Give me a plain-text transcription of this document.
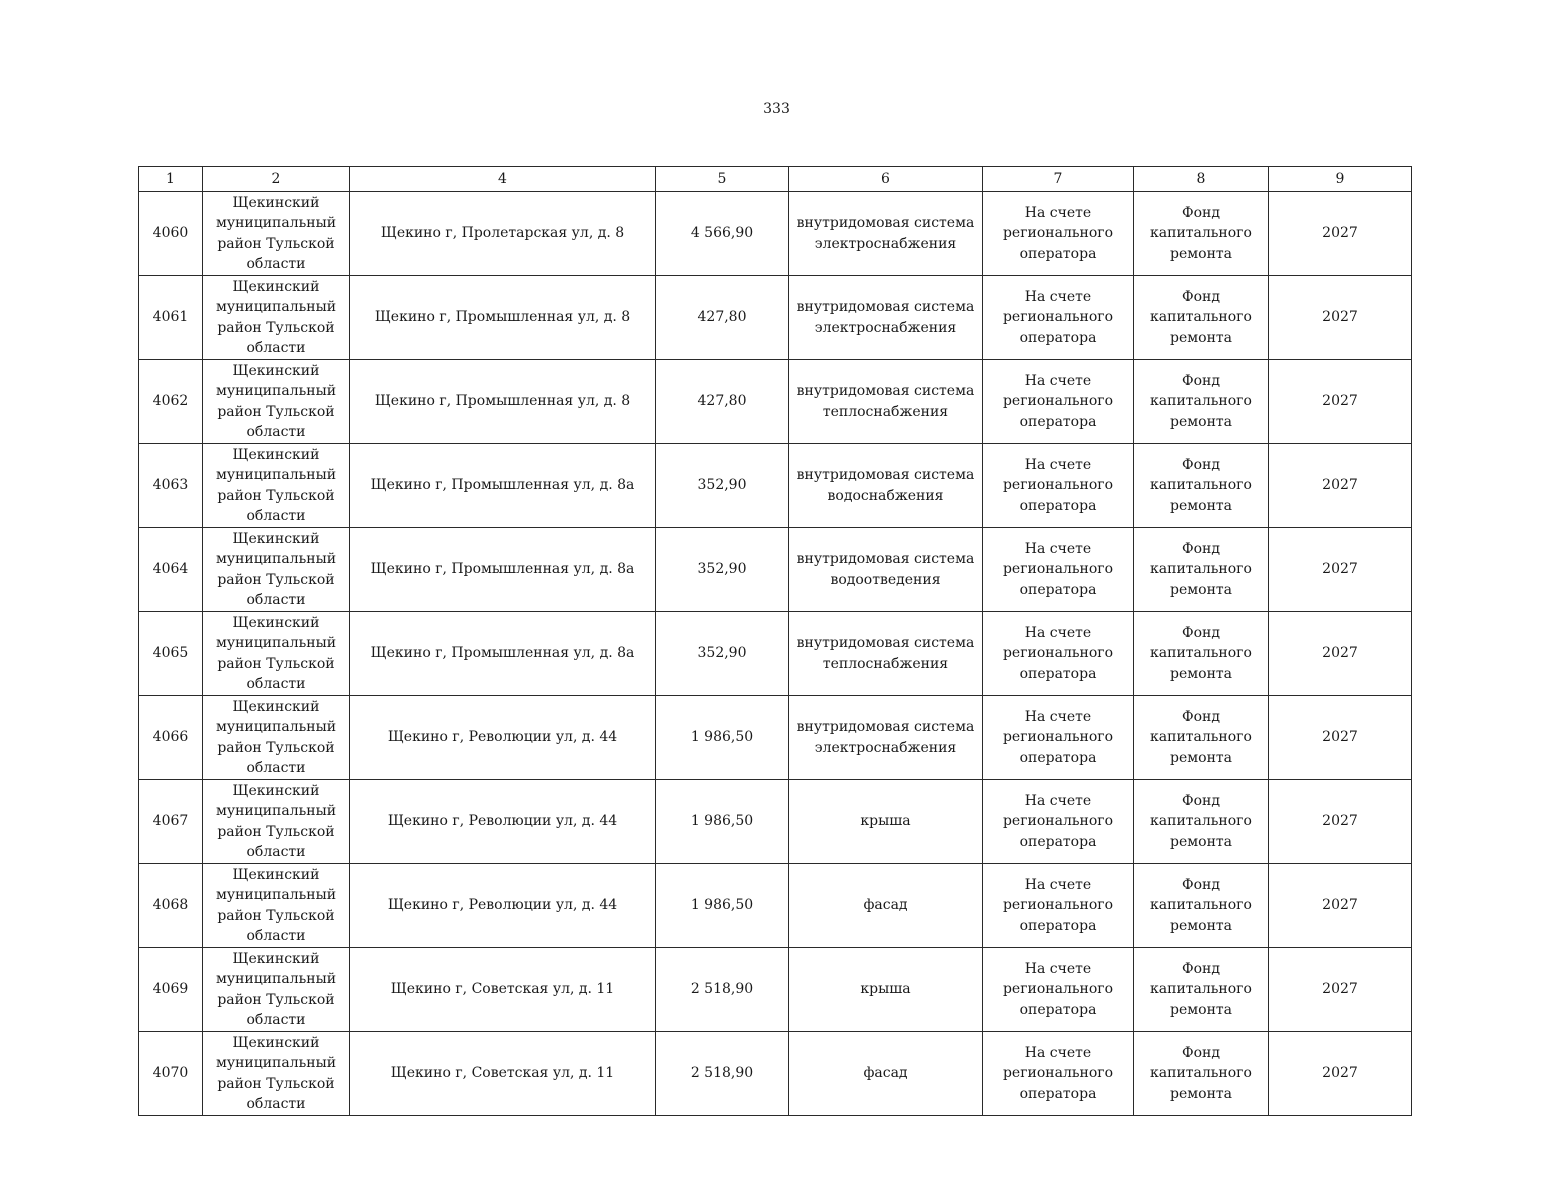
333
1	2	4	5	6	7	8	9
4060	Щекинский
муниципальный
район Тульской
области	Щекино г, Пролетарская ул, д. 8	4 566,90	внутридомовая система
электроснабжения	На счете
регионального
оператора	Фонд
капитального
ремонта	2027
4061	Щекинский
муниципальный
район Тульской
области	Щекино г, Промышленная ул, д. 8	427,80	внутридомовая система
электроснабжения	На счете
регионального
оператора	Фонд
капитального
ремонта	2027
4062	Щекинский
муниципальный
район Тульской
области	Щекино г, Промышленная ул, д. 8	427,80	внутридомовая система
теплоснабжения	На счете
регионального
оператора	Фонд
капитального
ремонта	2027
4063	Щекинский
муниципальный
район Тульской
области	Щекино г, Промышленная ул, д. 8а	352,90	внутридомовая система
водоснабжения	На счете
регионального
оператора	Фонд
капитального
ремонта	2027
4064	Щекинский
муниципальный
район Тульской
области	Щекино г, Промышленная ул, д. 8а	352,90	внутридомовая система
водоотведения	На счете
регионального
оператора	Фонд
капитального
ремонта	2027
4065	Щекинский
муниципальный
район Тульской
области	Щекино г, Промышленная ул, д. 8а	352,90	внутридомовая система
теплоснабжения	На счете
регионального
оператора	Фонд
капитального
ремонта	2027
4066	Щекинский
муниципальный
район Тульской
области	Щекино г, Революции ул, д. 44	1 986,50	внутридомовая система
электроснабжения	На счете
регионального
оператора	Фонд
капитального
ремонта	2027
4067	Щекинский
муниципальный
район Тульской
области	Щекино г, Революции ул, д. 44	1 986,50	крыша	На счете
регионального
оператора	Фонд
капитального
ремонта	2027
4068	Щекинский
муниципальный
район Тульской
области	Щекино г, Революции ул, д. 44	1 986,50	фасад	На счете
регионального
оператора	Фонд
капитального
ремонта	2027
4069	Щекинский
муниципальный
район Тульской
области	Щекино г, Советская ул, д. 11	2 518,90	крыша	На счете
регионального
оператора	Фонд
капитального
ремонта	2027
4070	Щекинский
муниципальный
район Тульской
области	Щекино г, Советская ул, д. 11	2 518,90	фасад	На счете
регионального
оператора	Фонд
капитального
ремонта	2027
